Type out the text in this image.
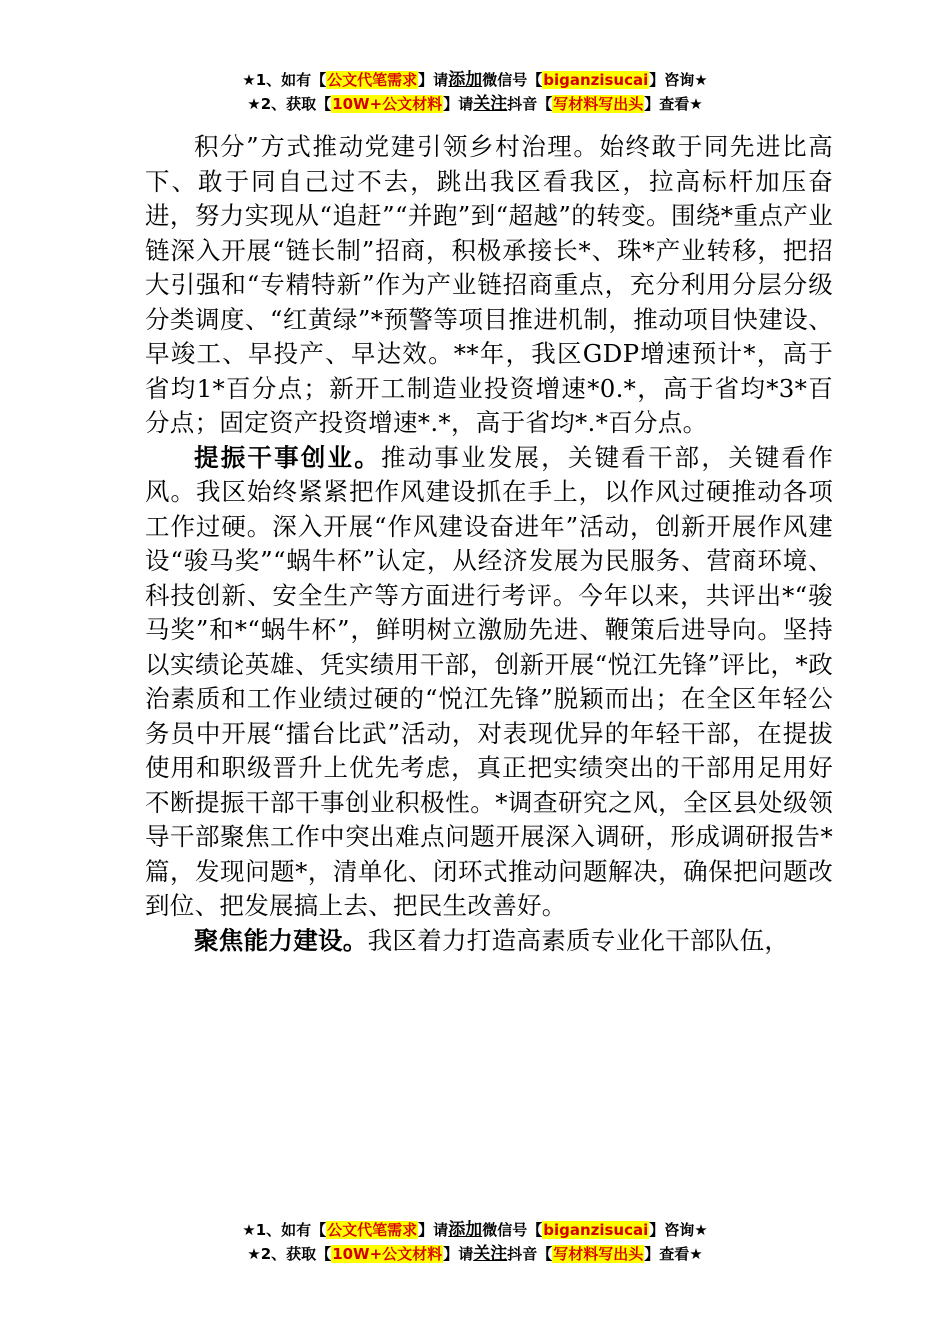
★1、如有【公文代笔需求】请添加微信号【biganzisucai】咨询★
★2、获取【10W+公文材料】请关注抖音【写材料写出头】查看★

积分”方式推动党建引领乡村治理。始终敢于同先进比高下、敢于同自己过不去，跳出我区看我区，拉高标杆加压奋进，努力实现从“追赶”“并跑”到“超越”的转变。围绕*重点产业链深入开展“链长制”招商，积极承接长*、珠*产业转移，把招大引强和“专精特新”作为产业链招商重点，充分利用分层分级分类调度、“红黄绿”*预警等项目推进机制，推动项目快建设、早竣工、早投产、早达效。**年，我区GDP增速预计*，高于省均1*百分点；新开工制造业投资增速*0.*，高于省均*3*百分点；固定资产投资增速*.*，高于省均*.*百分点。

提振干事创业。推动事业发展，关键看干部，关键看作风。我区始终紧紧把作风建设抓在手上，以作风过硬推动各项工作过硬。深入开展“作风建设奋进年”活动，创新开展作风建设“骏马奖”“蜗牛杯”认定，从经济发展为民服务、营商环境、科技创新、安全生产等方面进行考评。今年以来，共评出*“骏马奖”和*“蜗牛杯”，鲜明树立激励先进、鞭策后进导向。坚持以实绩论英雄、凭实绩用干部，创新开展“悦江先锋”评比，*政治素质和工作业绩过硬的“悦江先锋”脱颖而出；在全区年轻公务员中开展“擂台比武”活动，对表现优异的年轻干部，在提拔使用和职级晋升上优先考虑，真正把实绩突出的干部用足用好不断提振干部干事创业积极性。*调查研究之风，全区县处级领导干部聚焦工作中突出难点问题开展深入调研，形成调研报告*篇，发现问题*，清单化、闭环式推动问题解决，确保把问题改到位、把发展搞上去、把民生改善好。

聚焦能力建设。我区着力打造高素质专业化干部队伍，

★1、如有【公文代笔需求】请添加微信号【biganzisucai】咨询★
★2、获取【10W+公文材料】请关注抖音【写材料写出头】查看★
